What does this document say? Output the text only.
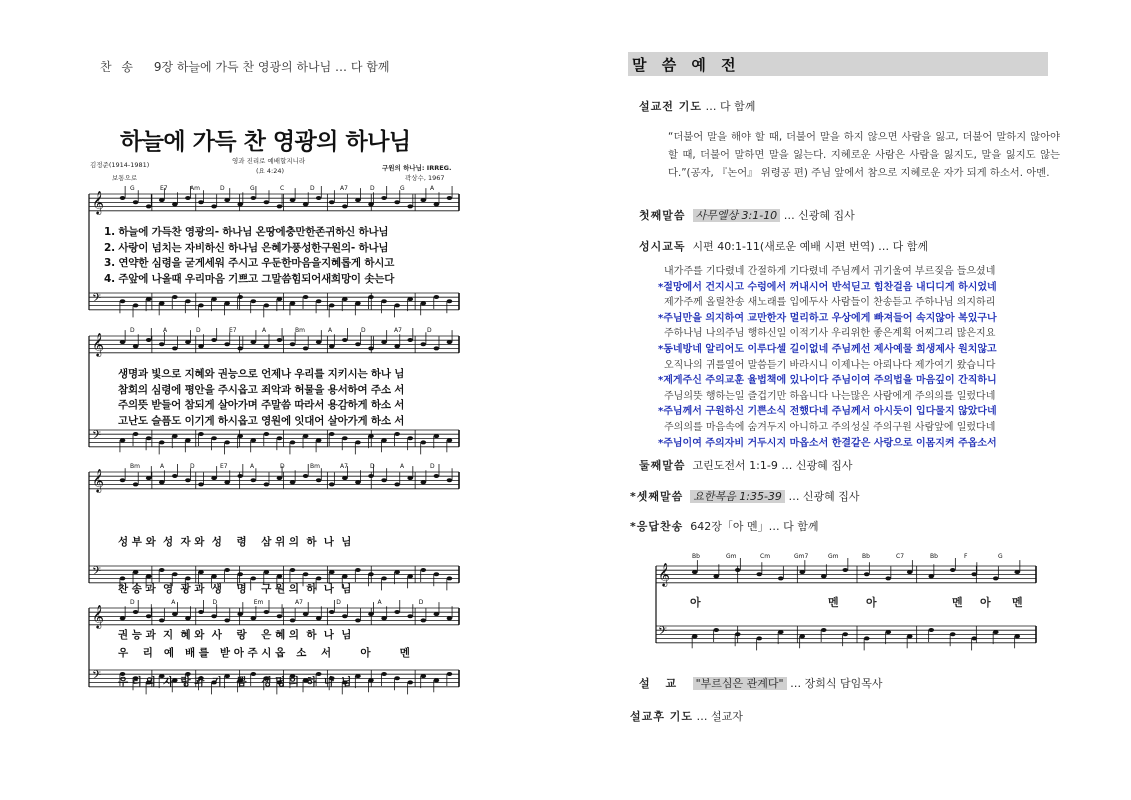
찬 송 9장 하늘에 가득 찬 영광의 하나님 … 다 함께
하늘에 가득 찬 영광의 하나님
김정준(1914-1981)
보통으로
영과 진리로 예배할지니라
(요 4:24)	구원의 하나님: IRREG.
곽상수, 1967
𝄞
𝄢
G	E7	Am	D	G	C	D	A7	D	G	A
𝄞
𝄢
D	A	D	E7	A	Bm	A	D	A7	D
𝄞
𝄢
Bm	A	D	E7	A	D	Bm	A7	D	A	D
𝄞
𝄢
D	A	D	Em	A7	D	A	D
1. 하늘에 가득찬 영광의- 하나님 온땅에충만한존귀하신 하나님
2. 사랑이 넘치는 자비하신 하나님 은혜가풍성한구원의- 하나님
3. 연약한 심령을 굳게세워 주시고 우둔한마음을지혜롭게 하시고
4. 주앞에 나올때 우리마음 기쁘고 그말씀힘되어새희망이 솟는다
생명과 빛으로 지혜와 권능으로 언제나 우리를 지키시는 하나 님
참회의 심령에 평안을 주시옵고 죄악과 허물을 용서하여 주소 서
주의뜻 받들어 참되게 살아가며 주말씀 따라서 용감하게 하소 서
고난도 슬픔도 이기게 하시옵고 영원에 잇대어 살아가게 하소 서

성 부 와  성  자 와  성    령    삼 위 의  하  나  님

찬 송 과  영  광 과  생    명    구 원 의  하  나  님

권 능 과  지  혜 와  사    랑    은 혜 의  하  나  님

우 리 의  자  랑 과  기    쁨    생 명 의  하  나  님

우    리   예   배 를   받 아 주 시 옵   소    서        아        멘
말 씀 예 전
설교전 기도 … 다 함께
“더불어 말을 해야 할 때, 더불어 말을 하지 않으면 사람을 잃고, 더불어 말하지 않아야 할 때, 더불어 말하면 말을 잃는다. 지혜로운 사람은 사람을 잃지도, 말을 잃지도 않는다.”(공자, 『논어』 위령공 편) 주님 앞에서 참으로 지혜로운 자가 되게 하소서. 아멘.
첫째말씀 사무엘상 3:1-10 … 신광혜 집사
성시교독 시편 40:1-11(새로운 예배 시편 번역) … 다 함께
내가주를 기다렸네 간절하게 기다렸네 주님께서 귀기울여 부르짖음 들으셨네
*절망에서 건지시고 수렁에서 꺼내시어 반석딛고 힘찬걸음 내디디게 하시었네
제가주께 올릴찬송 새노래를 입에두사 사람들이 찬송듣고 주하나님 의지하리
*주님만을 의지하여 교만한자 멀리하고 우상에게 빠져들어 속지않아 복있구나
주하나님 나의주님 행하신일 이적기사 우리위한 좋은계획 어찌그리 많은지요
*동네방네 알리어도 이루다셀 길이없네 주님께선 제사예물 희생제사 원치않고
오직나의 귀를열어 말씀듣기 바라시니 이제나는 아뢰나다 제가여기 왔습니다
*제게주신 주의교훈 율법책에 있나이다 주님이여 주의법을 마음깊이 간직하니
주님의뜻 행하는일 즐겁기만 하옵니다 나는많은 사람에게 주의의를 일렀다네
*주님께서 구원하신 기쁜소식 전했다네 주님께서 아시듯이 입다물지 않았다네
주의의를 마음속에 숨겨두지 아니하고 주의성실 주의구원 사람앞에 일렀다네
*주님이여 주의자비 거두시지 마옵소서 한결같은 사랑으로 이몸지켜 주옵소서
둘째말씀 고린도전서 1:1-9 … 신광혜 집사
*셋째말씀 요한복음 1:35-39 … 신광혜 집사
*응답찬송 642장「아 멘」… 다 함께
𝄞
𝄢
Bb	Gm	Cm	Gm7	Gm	Bb	C7	Bb	F	G
아	멘 아	멘 아 멘
설 교 "부르심은 관계다" … 장희식 담임목사
설교후 기도 … 설교자
